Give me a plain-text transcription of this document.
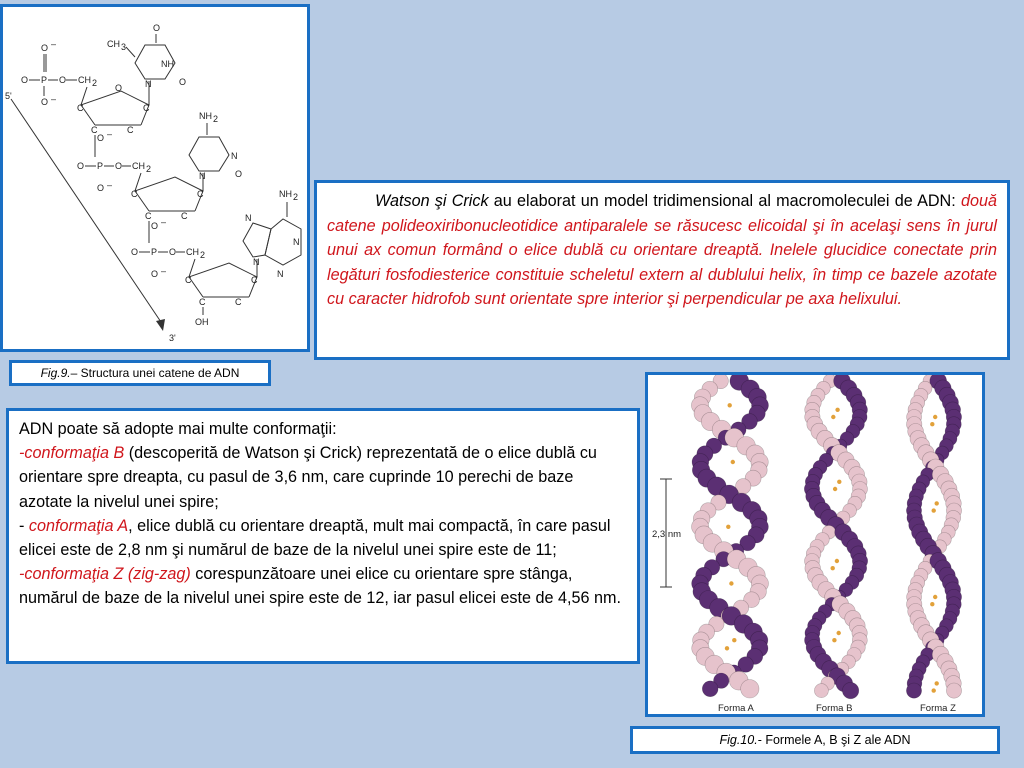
5'
3'
O –
O P O
O –
CH 2
C	C
C	C
O	N
CH 3
O
NH
O
O –
O P O
O –
CH 2
C	C
C	C
N
NH 2
N
O
O –
O P O
O –
CH 2
C	C
C	C
OH
N
N
NH 2
N
N
Fig.9. – Structura unei catene de ADN

Watson şi Crick au elaborat un model tridimensional al macromoleculei de ADN: două catene polideoxiribonucleotidice antiparalele se răsucesc elicoidal şi în acelaşi sens în jurul unui ax comun formând o elice dublă cu orientare dreaptă. Inelele glucidice conectate prin legături fosfodiesterice constituie scheletul extern al dublului helix, în timp ce bazele azotate cu caracter hidrofob sunt orientate spre interior şi perpendicular pe axa helixului.

ADN poate să adopte mai multe conformaţii:

-conformaţia B (descoperită de Watson şi Crick) reprezentată de o elice dublă cu orientare spre dreapta, cu pasul de 3,6 nm, care cuprinde 10 perechi de baze azotate la nivelul unei spire;

- conformaţia A, elice dublă cu orientare dreaptă, mult mai compactă, în care pasul elicei este de 2,8 nm şi numărul de baze de la nivelul unei spire este de 11;

-conformaţia Z (zig-zag) corespunzătoare unei elice cu orientare spre stânga, numărul de baze de la nivelul unei spire este de 12, iar pasul elicei este de 4,56 nm.

2,3 nm
Forma A	Forma B	Forma Z
Fig.10. - Formele A, B şi Z ale ADN
